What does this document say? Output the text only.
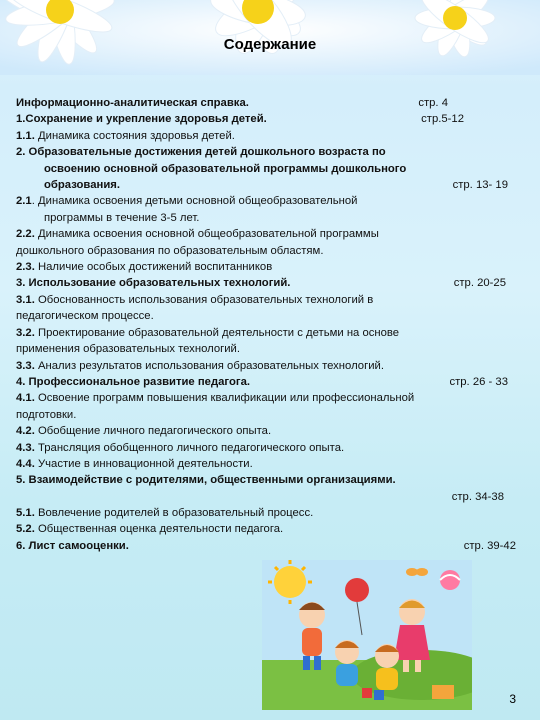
Содержание
Информационно-аналитическая справка.	стр. 4
1.Сохранение и укрепление здоровья детей.	стр.5-12
1.1. Динамика состояния здоровья детей.
2. Образовательные достижения детей дошкольного возраста по
освоению основной образовательной программы дошкольного
образования.	стр. 13- 19
2.1. Динамика освоения детьми основной общеобразовательной
программы в течение 3-5 лет.
2.2. Динамика освоения основной общеобразовательной программы
дошкольного образования по образовательным областям.
2.3. Наличие особых достижений воспитанников
3. Использование образовательных технологий.	стр. 20-25
3.1. Обоснованность использования образовательных технологий в
педагогическом процессе.
3.2. Проектирование образовательной деятельности с детьми на основе
применения образовательных технологий.
3.3. Анализ результатов использования образовательных технологий.
4. Профессиональное развитие педагога.	стр. 26 - 33
4.1. Освоение программ повышения квалификации или профессиональной
подготовки.
4.2. Обобщение личного педагогического опыта.
4.3. Трансляция обобщенного личного педагогического опыта.
4.4. Участие в инновационной деятельности.
5. Взаимодействие с родителями, общественными организациями.
стр. 34-38
5.1. Вовлечение родителей в образовательный процесс.
5.2. Общественная оценка деятельности педагога.
6. Лист самооценки.	стр. 39-42
3
